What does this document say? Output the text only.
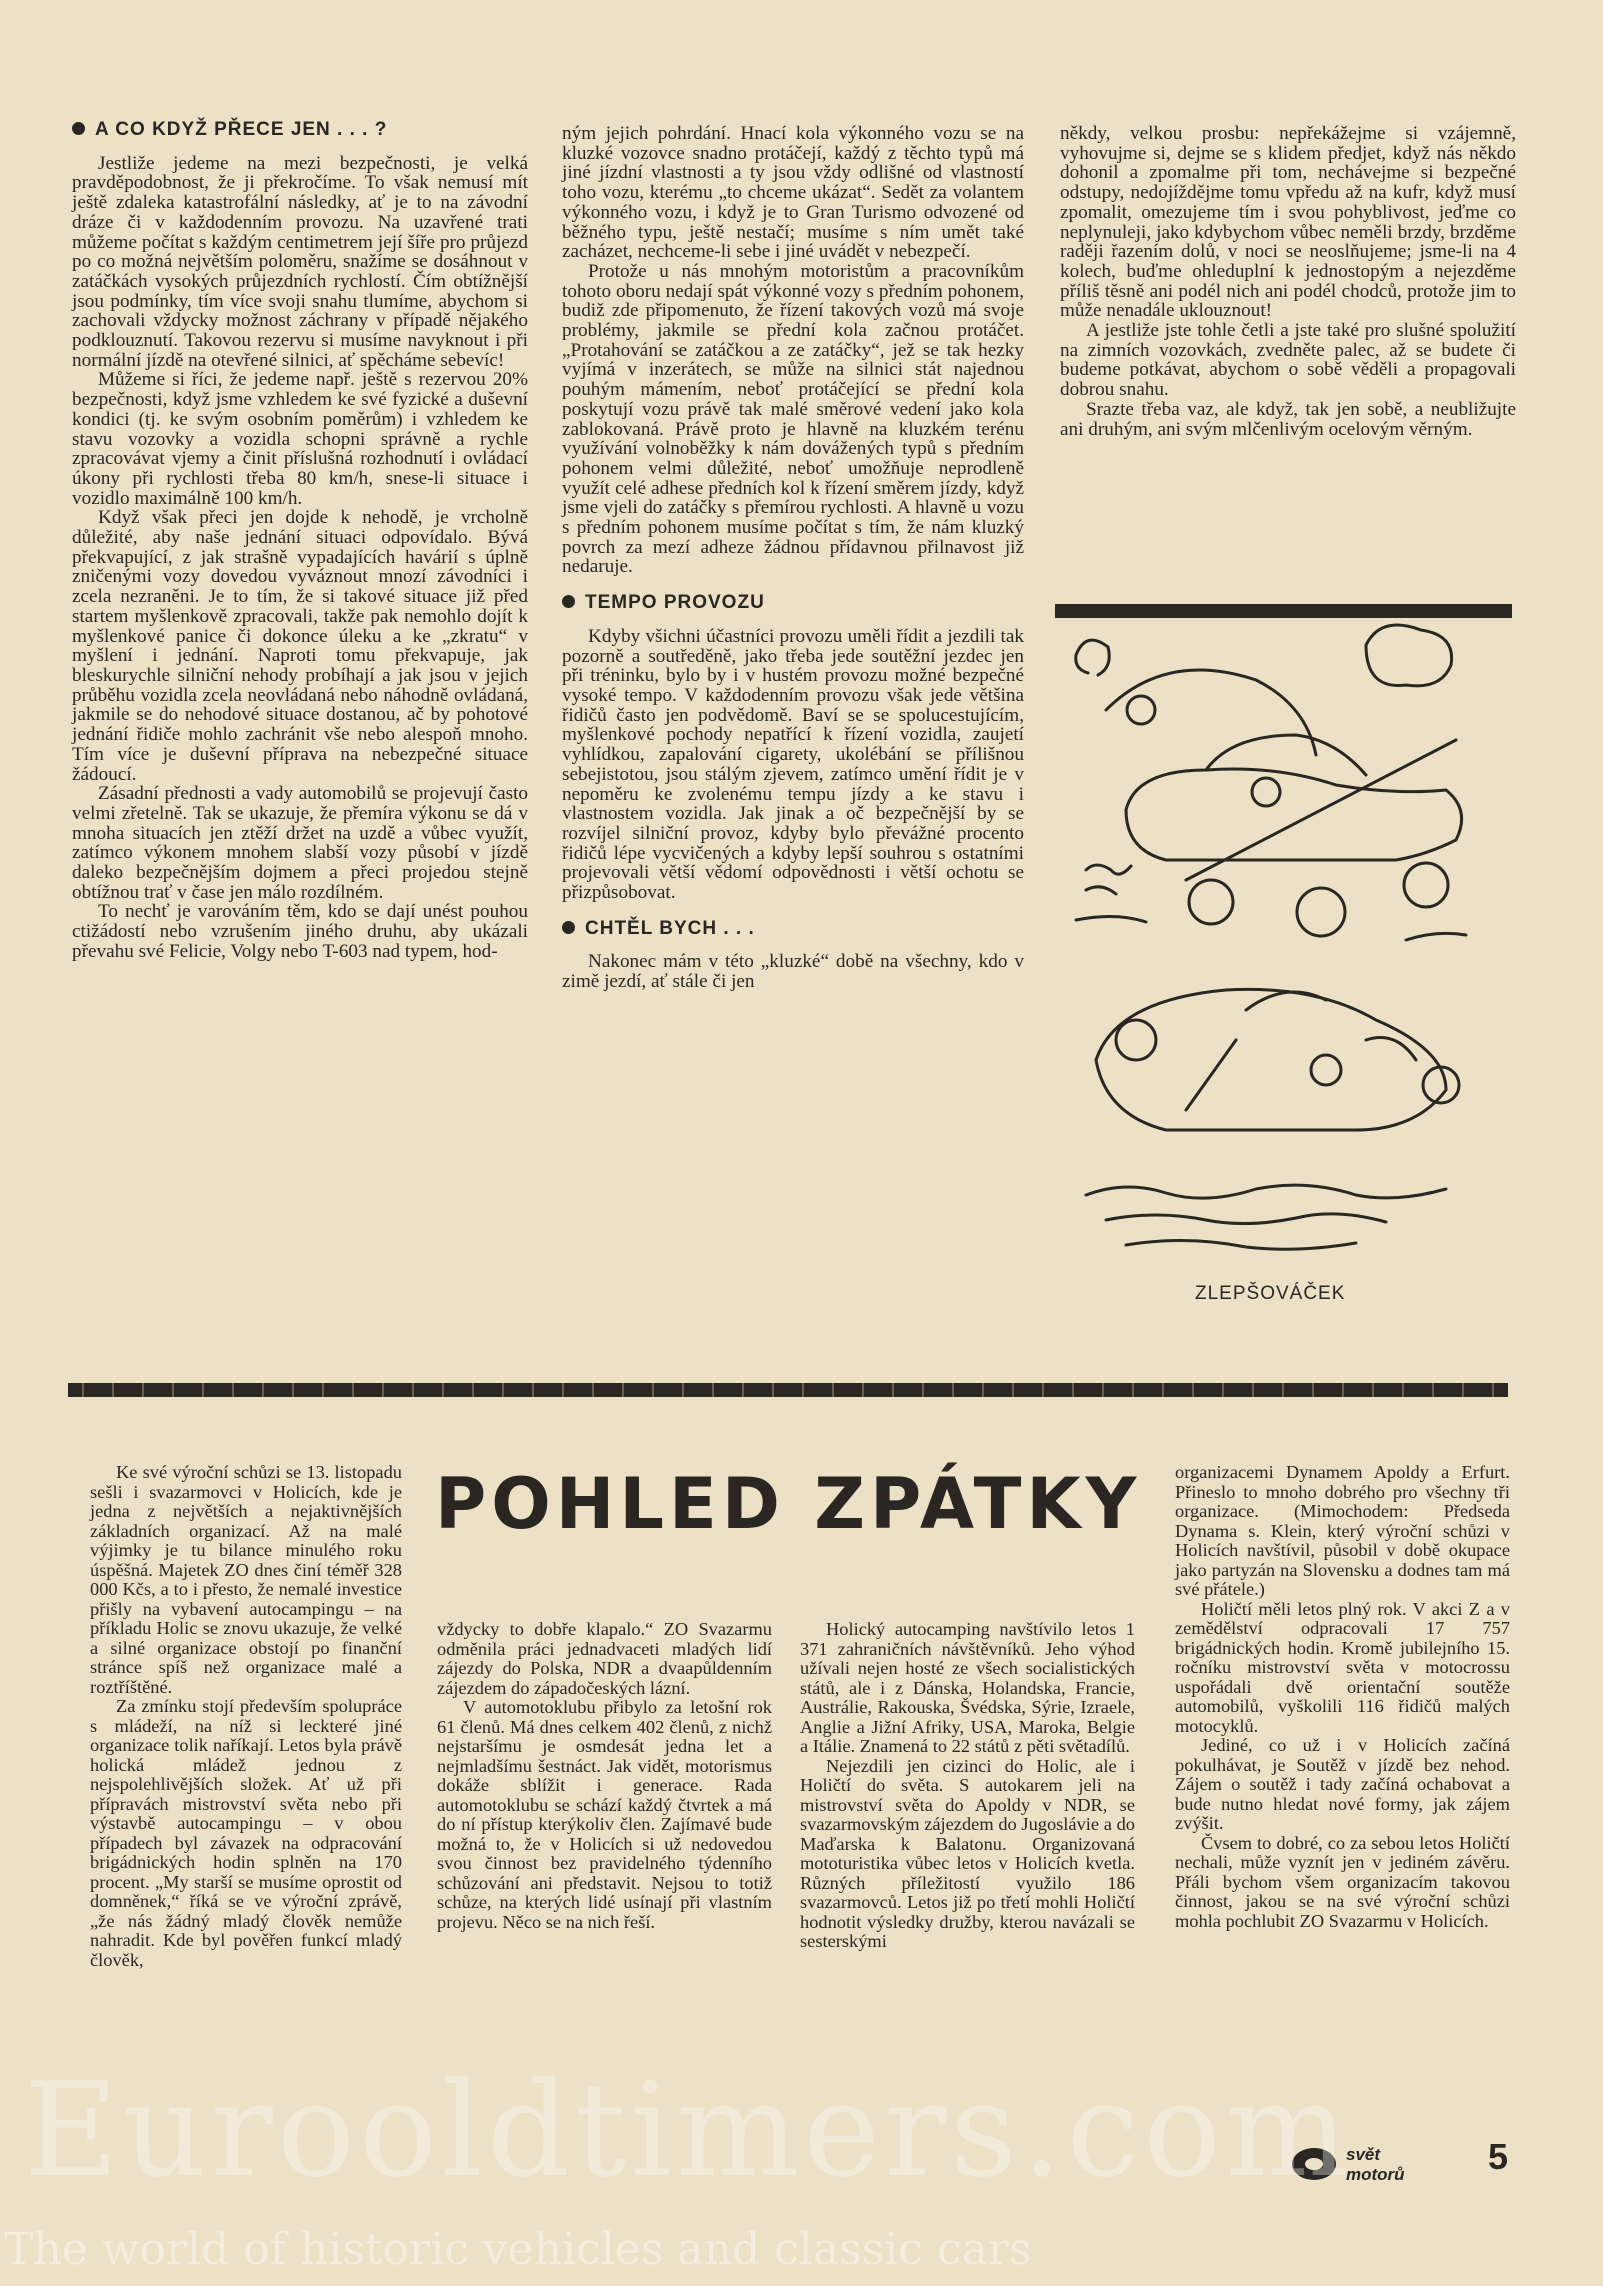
A CO KDYŽ PŘECE JEN . . . ?

Jestliže jedeme na mezi bezpečnosti, je velká pravděpodobnost, že ji překročíme. To však nemusí mít ještě zdaleka katastrofální následky, ať je to na závodní dráze či v každodenním provozu. Na uzavřené trati můžeme počítat s každým centimetrem její šíře pro průjezd po co možná největším poloměru, snažíme se dosáhnout v zatáčkách vysokých průjezdních rychlostí. Čím obtížnější jsou podmínky, tím více svoji snahu tlumíme, abychom si zachovali vždycky možnost záchrany v případě nějakého podklouznutí. Takovou rezervu si musíme navyknout i při normální jízdě na otevřené silnici, ať spěcháme sebevíc!

Můžeme si říci, že jedeme např. ještě s rezervou 20% bezpečnosti, když jsme vzhledem ke své fyzické a duševní kondici (tj. ke svým osobním poměrům) i vzhledem ke stavu vozovky a vozidla schopni správně a rychle zpracovávat vjemy a činit příslušná rozhodnutí i ovládací úkony při rychlosti třeba 80 km/h, snese-li situace i vozidlo maximálně 100 km/h.

Když však přeci jen dojde k nehodě, je vrcholně důležité, aby naše jednání situaci odpovídalo. Bývá překvapující, z jak strašně vypadajících havárií s úplně zničenými vozy dovedou vyváznout mnozí závodníci i zcela nezraněni. Je to tím, že si takové situace již před startem myšlenkově zpracovali, takže pak nemohlo dojít k myšlenkové panice či dokonce úleku a ke „zkratu“ v myšlení i jednání. Naproti tomu překvapuje, jak bleskurychle silniční nehody probíhají a jak jsou v jejich průběhu vozidla zcela neovládaná nebo náhodně ovládaná, jakmile se do nehodové situace dostanou, ač by pohotové jednání řidiče mohlo zachránit vše nebo alespoň mnoho. Tím více je duševní příprava na nebezpečné situace žádoucí.

Zásadní přednosti a vady automobilů se projevují často velmi zřetelně. Tak se ukazuje, že přemíra výkonu se dá v mnoha situacích jen ztěží držet na uzdě a vůbec využít, zatímco výkonem mnohem slabší vozy působí v jízdě daleko bezpečnějším dojmem a přeci projedou stejně obtížnou trať v čase jen málo rozdílném.

To nechť je varováním těm, kdo se dají unést pouhou ctižádostí nebo vzrušením jiného druhu, aby ukázali převahu své Felicie, Volgy nebo T-603 nad typem, hod-

ným jejich pohrdání. Hnací kola výkonného vozu se na kluzké vozovce snadno protáčejí, každý z těchto typů má jiné jízdní vlastnosti a ty jsou vždy odlišné od vlastností toho vozu, kterému „to chceme ukázat“. Sedět za volantem výkonného vozu, i když je to Gran Turismo odvozené od běžného typu, ještě nestačí; musíme s ním umět také zacházet, nechceme-li sebe i jiné uvádět v nebezpečí.

Protože u nás mnohým motoristům a pracovníkům tohoto oboru nedají spát výkonné vozy s předním pohonem, budiž zde připomenuto, že řízení takových vozů má svoje problémy, jakmile se přední kola začnou protáčet. „Protahování se zatáčkou a ze zatáčky“, jež se tak hezky vyjímá v inzerátech, se může na silnici stát najednou pouhým mámením, neboť protáčející se přední kola poskytují vozu právě tak malé směrové vedení jako kola zablokovaná. Právě proto je hlavně na kluzkém terénu využívání volnoběžky k nám dovážených typů s předním pohonem velmi důležité, neboť umožňuje neprodleně využít celé adhese předních kol k řízení směrem jízdy, když jsme vjeli do zatáčky s přemírou rychlosti. A hlavně u vozu s předním pohonem musíme počítat s tím, že nám kluzký povrch za mezí adheze žádnou přídavnou přilnavost již nedaruje.

TEMPO PROVOZU

Kdyby všichni účastníci provozu uměli řídit a jezdili tak pozorně a soutředěně, jako třeba jede soutěžní jezdec jen při tréninku, bylo by i v hustém provozu možné bezpečné vysoké tempo. V každodenním provozu však jede většina řidičů často jen podvědomě. Baví se se spolucestujícím, myšlenkové pochody nepatřící k řízení vozidla, zaujetí vyhlídkou, zapalování cigarety, ukolébání se přílišnou sebejistotou, jsou stálým zjevem, zatímco umění řídit je v nepoměru ke zvolenému tempu jízdy a ke stavu i vlastnostem vozidla. Jak jinak a oč bezpečnější by se rozvíjel silniční provoz, kdyby bylo převážné procento řidičů lépe vycvičených a kdyby lepší souhrou s ostatními projevovali větší vědomí odpovědnosti i větší ochotu se přizpůsobovat.

CHTĚL BYCH . . .

Nakonec mám v této „kluzké“ době na všechny, kdo v zimě jezdí, ať stále či jen

někdy, velkou prosbu: nepřekážejme si vzájemně, vyhovujme si, dejme se s klidem předjet, když nás někdo dohonil a zpomalme při tom, nechávejme si bezpečné odstupy, nedojíždějme tomu vpředu až na kufr, když musí zpomalit, omezujeme tím i svou pohyblivost, jeďme co neplynuleji, jako kdybychom vůbec neměli brzdy, brzděme raději řazením dolů, v noci se neoslňujeme; jsme-li na 4 kolech, buďme ohleduplní k jednostopým a nejezděme příliš těsně ani podél nich ani podél chodců, protože jim to může nenadále uklouznout!

A jestliže jste tohle četli a jste také pro slušné spolužití na zimních vozovkách, zvedněte palec, až se budete či budeme potkávat, abychom o sobě věděli a propagovali dobrou snahu.

Srazte třeba vaz, ale když, tak jen sobě, a neubližujte ani druhým, ani svým mlčenlivým ocelovým věrným.

ZLEPŠOVÁČEK

Ke své výroční schůzi se 13. listopadu sešli i svazarmovci v Holicích, kde je jedna z největších a nejaktivnějších základních organizací. Až na malé výjimky je tu bilance minulého roku úspěšná. Majetek ZO dnes činí téměř 328 000 Kčs, a to i přesto, že nemalé investice přišly na vybavení autocampingu – na příkladu Holic se znovu ukazuje, že velké a silné organizace obstojí po finanční stránce spíš než organizace malé a roztříštěné.

Za zmínku stojí především spolupráce s mládeží, na níž si leckteré jiné organizace tolik naříkají. Letos byla právě holická mládež jednou z nejspolehlivějších složek. Ať už při přípravách mistrovství světa nebo při výstavbě autocampingu – v obou případech byl závazek na odpracování brigádnických hodin splněn na 170 procent. „My starší se musíme oprostit od domněnek,“ říká se ve výroční zprávě, „že nás žádný mladý člověk nemůže nahradit. Kde byl pověřen funkcí mladý člověk,

POHLED ZPÁTKY

vždycky to dobře klapalo.“ ZO Svazarmu odměnila práci jednadvaceti mladých lidí zájezdy do Polska, NDR a dvaapůldenním zájezdem do západočeských lázní.

V automotoklubu přibylo za letošní rok 61 členů. Má dnes celkem 402 členů, z nichž nejstaršímu je osmdesát jedna let a nejmladšímu šestnáct. Jak vidět, motorismus dokáže sblížit i generace. Rada automotoklubu se schází každý čtvrtek a má do ní přístup kterýkoliv člen. Zajímavé bude možná to, že v Holicích si už nedovedou svou činnost bez pravidelného týdenního schůzování ani představit. Nejsou to totiž schůze, na kterých lidé usínají při vlastním projevu. Něco se na nich řeší.

Holický autocamping navštívilo letos 1 371 zahraničních návštěvníků. Jeho výhod užívali nejen hosté ze všech socialistických států, ale i z Dánska, Holandska, Francie, Austrálie, Rakouska, Švédska, Sýrie, Izraele, Anglie a Jižní Afriky, USA, Maroka, Belgie a Itálie. Znamená to 22 států z pěti světadílů.

Nejezdili jen cizinci do Holic, ale i Holičtí do světa. S autokarem jeli na mistrovství světa do Apoldy v NDR, se svazarmovským zájezdem do Jugoslávie a do Maďarska k Balatonu. Organizovaná mototuristika vůbec letos v Holicích kvetla. Různých příležitostí využilo 186 svazarmovců. Letos již po třetí mohli Holičtí hodnotit výsledky družby, kterou navázali se sesterskými

organizacemi Dynamem Apoldy a Erfurt. Přineslo to mnoho dobrého pro všechny tři organizace. (Mimochodem: Předseda Dynama s. Klein, který výroční schůzi v Holicích navštívil, působil v době okupace jako partyzán na Slovensku a dodnes tam má své přátele.)

Holičtí měli letos plný rok. V akci Z a v zemědělství odpracovali 17 757 brigádnických hodin. Kromě jubilejního 15. ročníku mistrovství světa v motocrossu uspořádali dvě orientační soutěže automobilů, vyškolili 116 řidičů malých motocyklů.

Jediné, co už i v Holicích začíná pokulhávat, je Soutěž v jízdě bez nehod. Zájem o soutěž i tady začíná ochabovat a bude nutno hledat nové formy, jak zájem zvýšit.

Čvsem to dobré, co za sebou letos Holičtí nechali, může vyznít jen v jediném závěru. Přáli bychom všem organizacím takovou činnost, jakou se na své výroční schůzi mohla pochlubit ZO Svazarmu v Holicích.

svět
motorů 5
Eurooldtimers.com
The world of historic vehicles and classic cars
